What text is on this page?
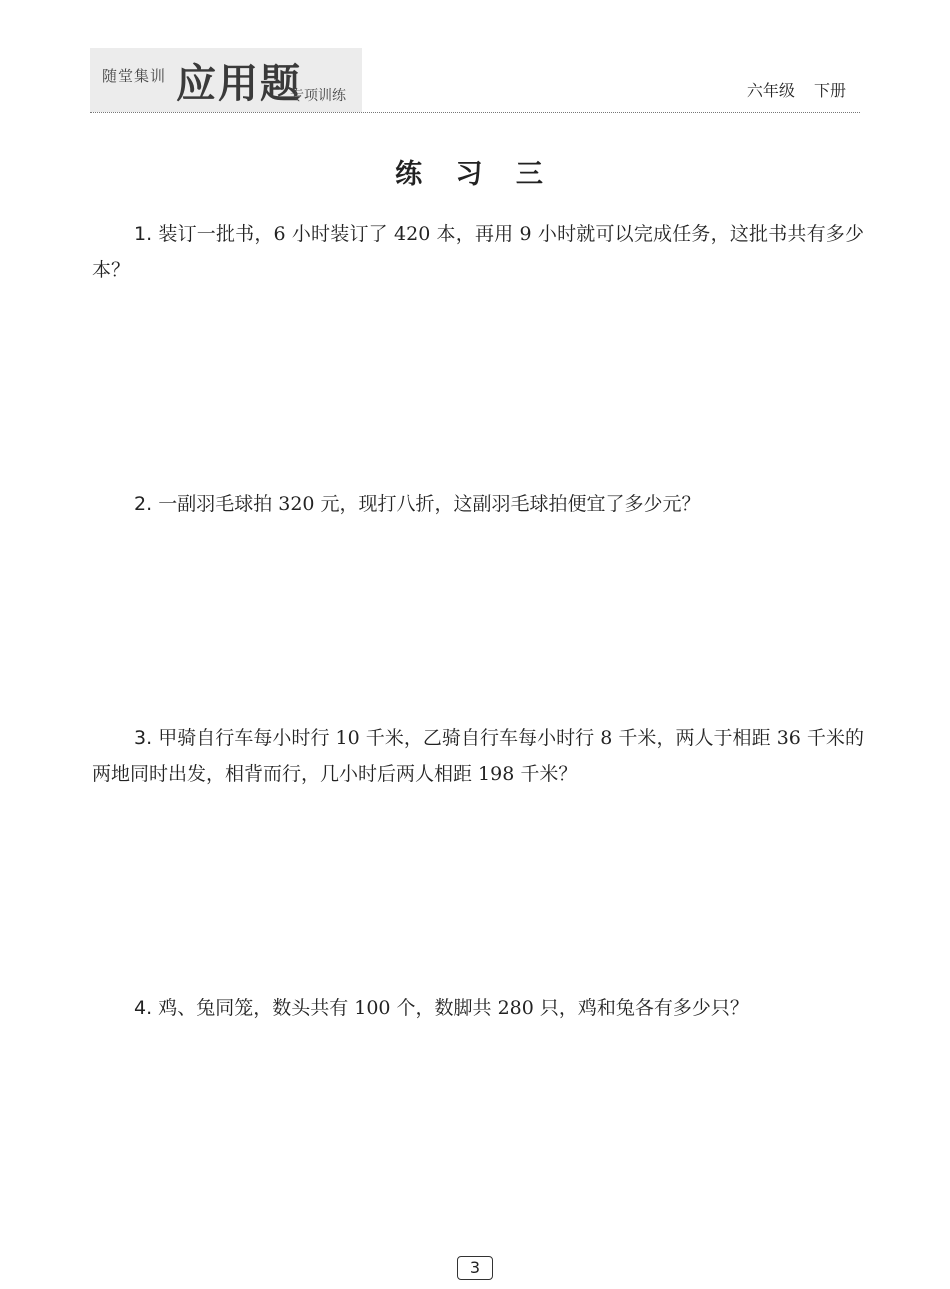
随堂集训 应用题
专项训练	六年级 下册
练 习 三
1. 装订一批书，6 小时装订了 420 本，再用 9 小时就可以完成任务，这批书共有多少本？
2. 一副羽毛球拍 320 元，现打八折，这副羽毛球拍便宜了多少元？
3. 甲骑自行车每小时行 10 千米，乙骑自行车每小时行 8 千米，两人于相距 36 千米的两地同时出发，相背而行，几小时后两人相距 198 千米？
4. 鸡、兔同笼，数头共有 100 个，数脚共 280 只，鸡和兔各有多少只？
3
